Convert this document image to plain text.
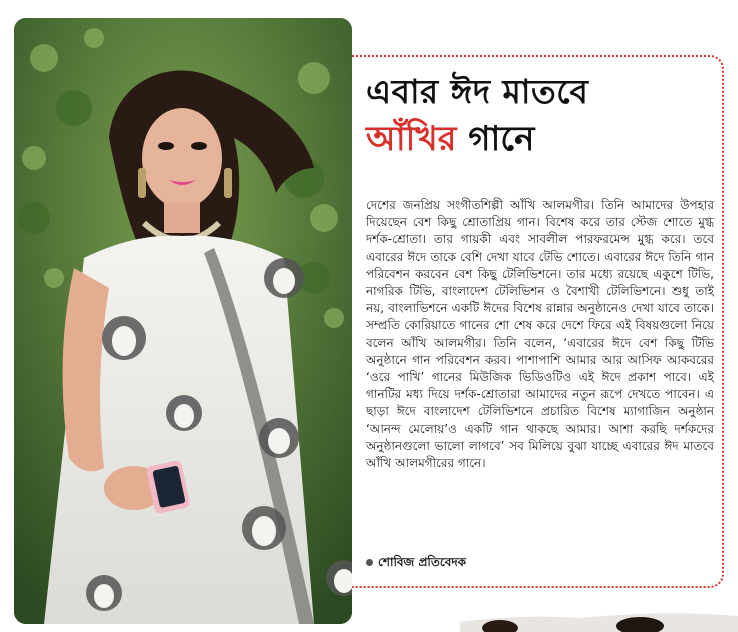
এবার ঈদ মাতবে
আঁখির গানে

দেশের জনপ্রিয় সংগীতশিল্পী আঁখি আলমগীর। তিনি আমাদের উপহার দিয়েছেন বেশ কিছু শ্রোতাপ্রিয় গান। বিশেষ করে তার স্টেজ শোতে মুগ্ধ দর্শক-শ্রোতা। তার গায়কী এবং সাবলীল পারফরমেন্স মুগ্ধ করে। তবে এবারের ঈদে তাকে বেশি দেখা যাবে টেভি শোতে। এবারের ঈদে তিনি গান পরিবেশন করবেন বেশ কিছু টেলিভিশনে। তার মধ্যে রয়েছে একুশে টিভি, নাগরিক টিভি, বাংলাদেশ টেলিভিশন ও বৈশাখী টেলিভিশনে। শুধু তাই নয়, বাংলাভিশনে একটি ঈদের বিশেষ রান্নার অনুষ্ঠানেও দেখা যাবে তাকে। সম্প্রতি কোরিয়াতে গানের শো শেষ করে দেশে ফিরে এই বিষয়গুলো নিয়ে বলেন আঁখি আলমগীর। তিনি বলেন, ‘এবারের ঈদে বেশ কিছু টিভি অনুষ্ঠানে গান পরিবেশন করব। পাশাপাশি আমার আর আসিফ আকবরের ‘ওরে পাখি’ গানের মিউজিক ভিডিওটিও এই ঈদে প্রকাশ পাবে। এই গানটির মধ্য দিয়ে দর্শক-শ্রোতারা আমাদের নতুন রূপে দেখতে পাবেন। এ ছাড়া ঈদে বাংলাদেশ টেলিভিশনে প্রচারিত বিশেষ ম্যাগাজিন অনুষ্ঠান ‘আনন্দ মেলোয়’ও একটি গান থাকছে আমার। আশা করছি দর্শকদের অনুষ্ঠানগুলো ভালো লাগবে’ সব মিলিয়ে বুঝা যাচ্ছে এবারের ঈদ মাতবে আঁখি আলমগীরের গানে।

শোবিজ প্রতিবেদক
